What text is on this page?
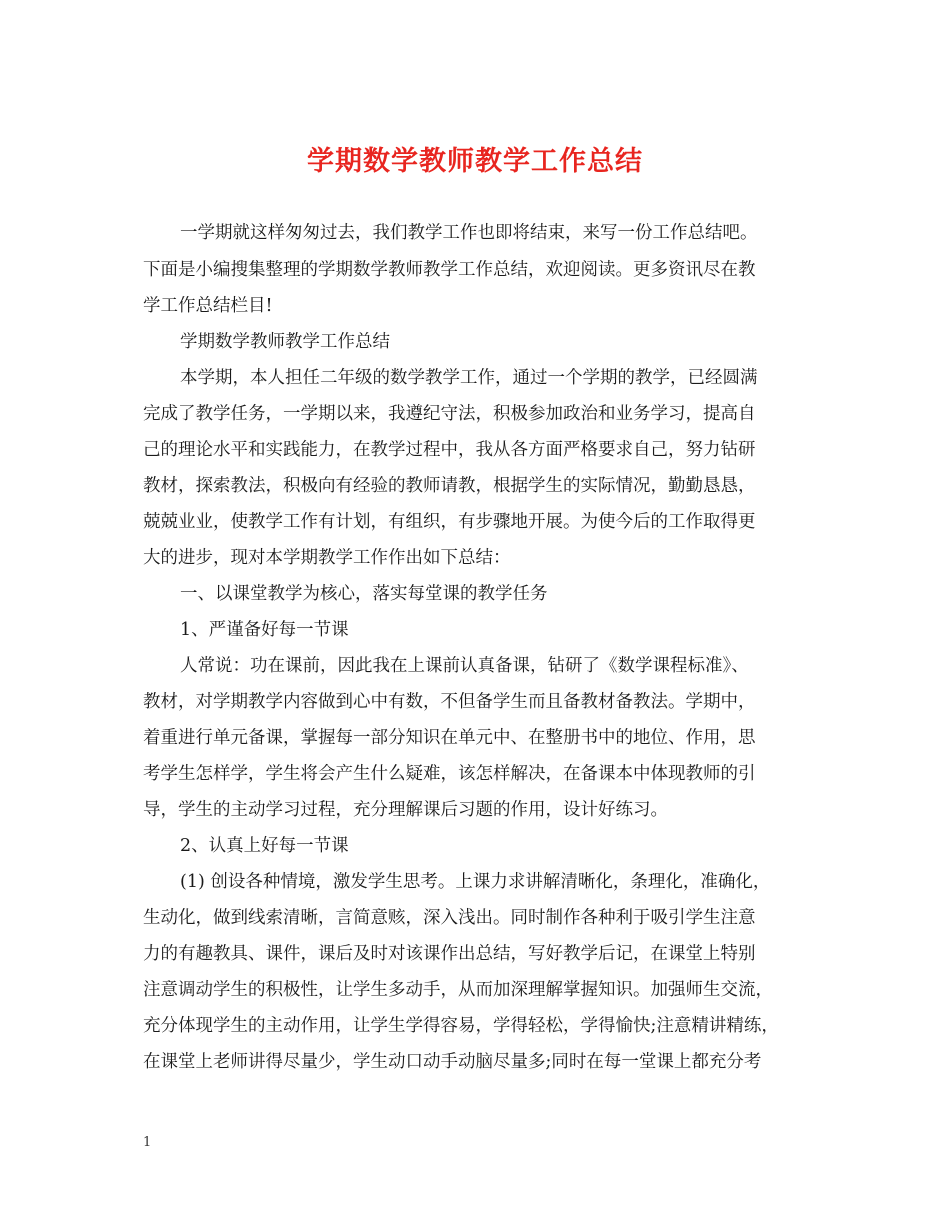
学期数学教师教学工作总结
一学期就这样匆匆过去，我们教学工作也即将结束，来写一份工作总结吧。
下面是小编搜集整理的学期数学教师教学工作总结，欢迎阅读。更多资讯尽在教
学工作总结栏目!
学期数学教师教学工作总结
本学期，本人担任二年级的数学教学工作，通过一个学期的教学，已经圆满
完成了教学任务，一学期以来，我遵纪守法，积极参加政治和业务学习，提高自
己的理论水平和实践能力，在教学过程中，我从各方面严格要求自己，努力钻研
教材，探索教法，积极向有经验的教师请教，根据学生的实际情况，勤勤恳恳，
兢兢业业，使教学工作有计划，有组织，有步骤地开展。为使今后的工作取得更
大的进步，现对本学期教学工作作出如下总结：
一、以课堂教学为核心，落实每堂课的教学任务
1、严谨备好每一节课
人常说：功在课前，因此我在上课前认真备课，钻研了《数学课程标准》、
教材，对学期教学内容做到心中有数，不但备学生而且备教材备教法。学期中，
着重进行单元备课，掌握每一部分知识在单元中、在整册书中的地位、作用，思
考学生怎样学，学生将会产生什么疑难，该怎样解决，在备课本中体现教师的引
导，学生的主动学习过程，充分理解课后习题的作用，设计好练习。
2、认真上好每一节课
(1) 创设各种情境，激发学生思考。上课力求讲解清晰化，条理化，准确化，
生动化，做到线索清晰，言简意赅，深入浅出。同时制作各种利于吸引学生注意
力的有趣教具、课件，课后及时对该课作出总结，写好教学后记，在课堂上特别
注意调动学生的积极性，让学生多动手，从而加深理解掌握知识。加强师生交流，
充分体现学生的主动作用，让学生学得容易，学得轻松，学得愉快;注意精讲精练，
在课堂上老师讲得尽量少，学生动口动手动脑尽量多;同时在每一堂课上都充分考
1
